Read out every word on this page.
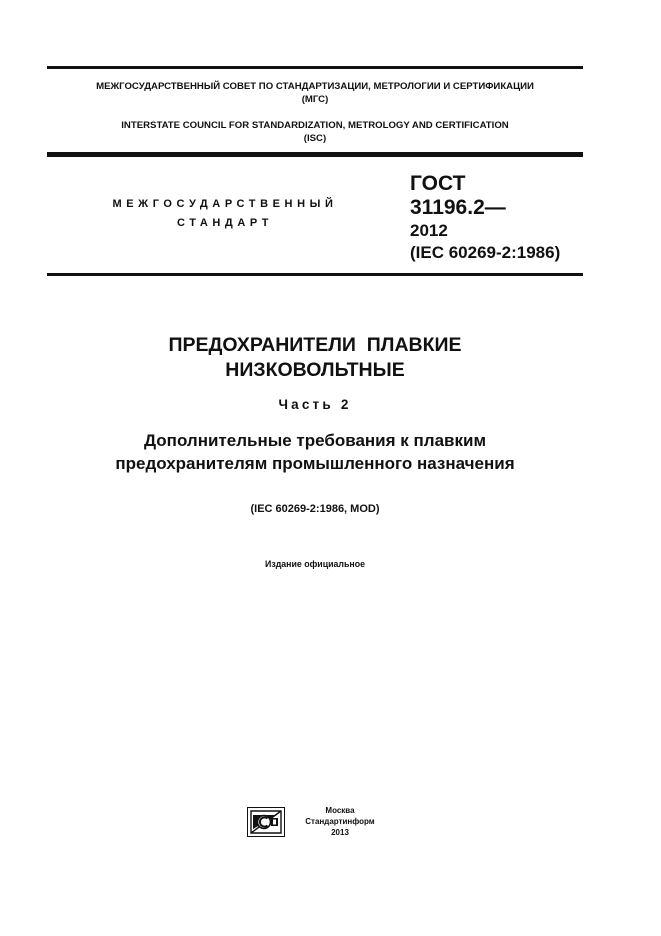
МЕЖГОСУДАРСТВЕННЫЙ СОВЕТ ПО СТАНДАРТИЗАЦИИ, МЕТРОЛОГИИ И СЕРТИФИКАЦИИ
(МГС)
INTERSTATE COUNCIL FOR STANDARDIZATION, METROLOGY AND CERTIFICATION
(ISC)
МЕЖГОСУДАРСТВЕННЫЙ
СТАНДАРТ
ГОСТ
31196.2—
2012
(IEC 60269-2:1986)
ПРЕДОХРАНИТЕЛИ  ПЛАВКИЕ
НИЗКОВОЛЬТНЫЕ
Часть 2
Дополнительные требования к плавким
предохранителям промышленного назначения
(IEC 60269-2:1986, MOD)
Издание официальное
Москва
Стандартинформ
2013
